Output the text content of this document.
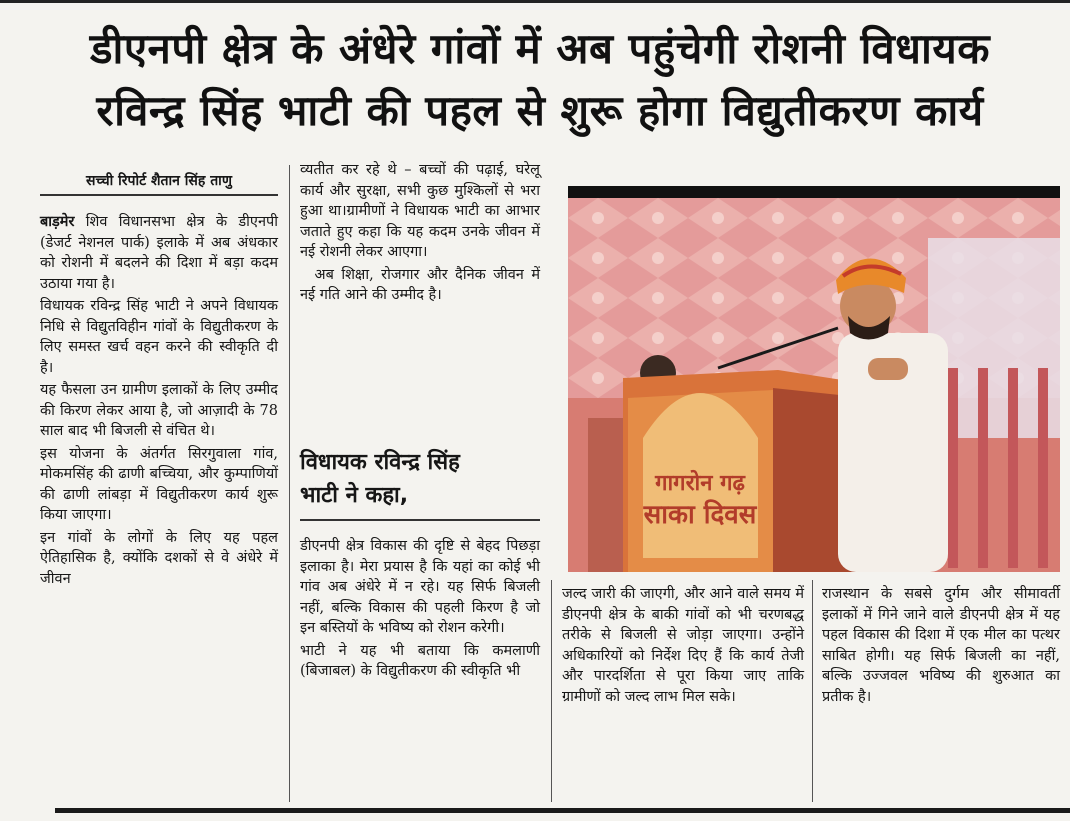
डीएनपी क्षेत्र के अंधेरे गांवों में अब पहुंचेगी रोशनी विधायक
रविन्द्र सिंह भाटी की पहल से शुरू होगा विद्युतीकरण कार्य
सच्ची रिपोर्ट शैतान सिंह ताणु

बाड़मेर शिव विधानसभा क्षेत्र के डीएनपी (डेजर्ट नेशनल पार्क) इलाके में अब अंधकार को रोशनी में बदलने की दिशा में बड़ा कदम उठाया गया है।

विधायक रविन्द्र सिंह भाटी ने अपने विधायक निधि से विद्युतविहीन गांवों के विद्युतीकरण के लिए समस्त खर्च वहन करने की स्वीकृति दी है।

यह फैसला उन ग्रामीण इलाकों के लिए उम्मीद की किरण लेकर आया है, जो आज़ादी के 78 साल बाद भी बिजली से वंचित थे।

इस योजना के अंतर्गत सिरगुवाला गांव, मोकमसिंह की ढाणी बच्चिया, और कुम्पाणियों की ढाणी लांबड़ा में विद्युतीकरण कार्य शुरू किया जाएगा।

इन गांवों के लोगों के लिए यह पहल ऐतिहासिक है, क्योंकि दशकों से वे अंधेरे में जीवन

व्यतीत कर रहे थे – बच्चों की पढ़ाई, घरेलू कार्य और सुरक्षा, सभी कुछ मुश्किलों से भरा हुआ था।ग्रामीणों ने विधायक भाटी का आभार जताते हुए कहा कि यह कदम उनके जीवन में नई रोशनी लेकर आएगा।

अब शिक्षा, रोजगार और दैनिक जीवन में नई गति आने की उम्मीद है।

विधायक रविन्द्र सिंह
भाटी ने कहा,

डीएनपी क्षेत्र विकास की दृष्टि से बेहद पिछड़ा इलाका है। मेरा प्रयास है कि यहां का कोई भी गांव अब अंधेरे में न रहे। यह सिर्फ बिजली नहीं, बल्कि विकास की पहली किरण है जो इन बस्तियों के भविष्य को रोशन करेगी।

भाटी ने यह भी बताया कि कमलाणी (बिजाबल) के विद्युतीकरण की स्वीकृति भी

जल्द जारी की जाएगी, और आने वाले समय में डीएनपी क्षेत्र के बाकी गांवों को भी चरणबद्ध तरीके से बिजली से जोड़ा जाएगा। उन्होंने अधिकारियों को निर्देश दिए हैं कि कार्य तेजी और पारदर्शिता से पूरा किया जाए ताकि ग्रामीणों को जल्द लाभ मिल सके।

राजस्थान के सबसे दुर्गम और सीमावर्ती इलाकों में गिने जाने वाले डीएनपी क्षेत्र में यह पहल विकास की दिशा में एक मील का पत्थर साबित होगी। यह सिर्फ बिजली का नहीं, बल्कि उज्जवल भविष्य की शुरुआत का प्रतीक है।

गागरोन गढ़
साका दिवस
